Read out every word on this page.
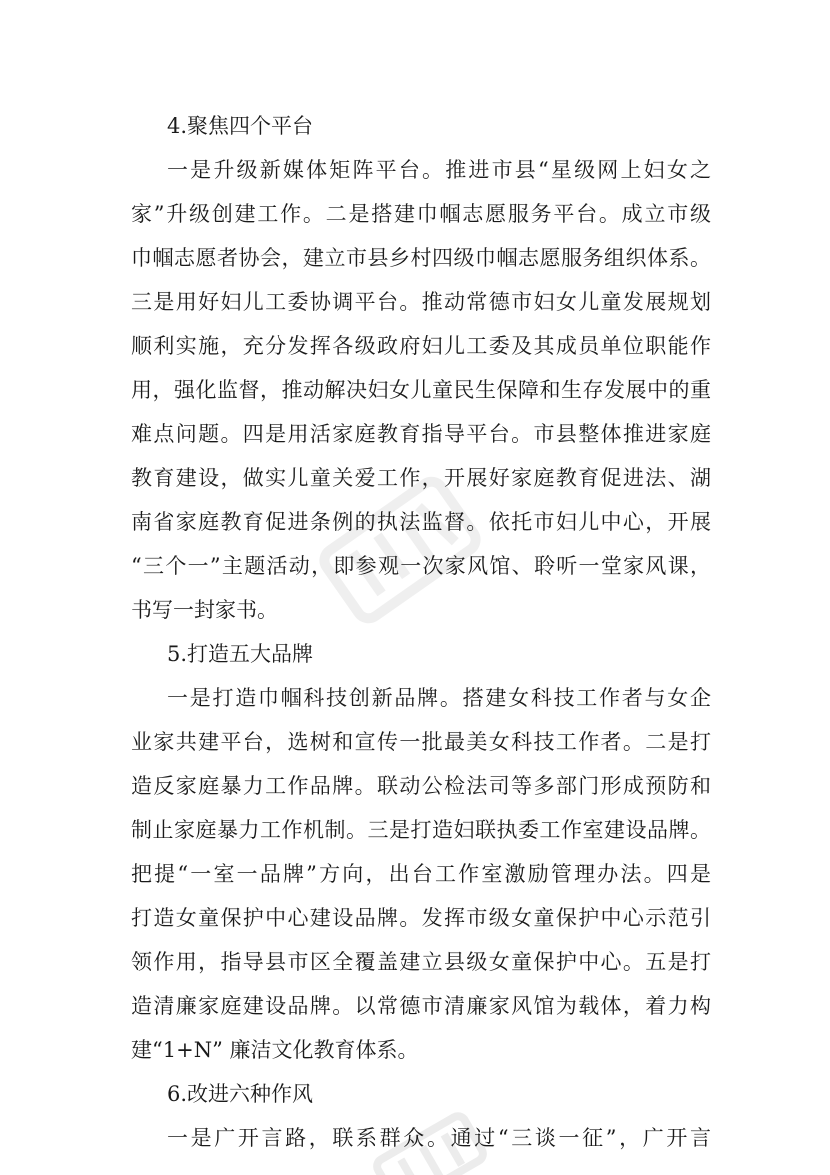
4.聚焦四个平台
一是升级新媒体矩阵平台。推进市县“星级网上妇女之
家”升级创建工作。二是搭建巾帼志愿服务平台。成立市级
巾帼志愿者协会，建立市县乡村四级巾帼志愿服务组织体系。
三是用好妇儿工委协调平台。推动常德市妇女儿童发展规划
顺利实施，充分发挥各级政府妇儿工委及其成员单位职能作
用，强化监督，推动解决妇女儿童民生保障和生存发展中的重
难点问题。四是用活家庭教育指导平台。市县整体推进家庭
教育建设，做实儿童关爱工作，开展好家庭教育促进法、湖
南省家庭教育促进条例的执法监督。依托市妇儿中心，开展
“三个一”主题活动，即参观一次家风馆、聆听一堂家风课，
书写一封家书。
5.打造五大品牌
一是打造巾帼科技创新品牌。搭建女科技工作者与女企
业家共建平台，选树和宣传一批最美女科技工作者。二是打
造反家庭暴力工作品牌。联动公检法司等多部门形成预防和
制止家庭暴力工作机制。三是打造妇联执委工作室建设品牌。
把提“一室一品牌”方向，出台工作室激励管理办法。四是
打造女童保护中心建设品牌。发挥市级女童保护中心示范引
领作用，指导县市区全覆盖建立县级女童保护中心。五是打
造清廉家庭建设品牌。以常德市清廉家风馆为载体，着力构
建“1+N” 廉洁文化教育体系。
6.改进六种作风
一是广开言路，联系群众。通过“三谈一征”，广开言
